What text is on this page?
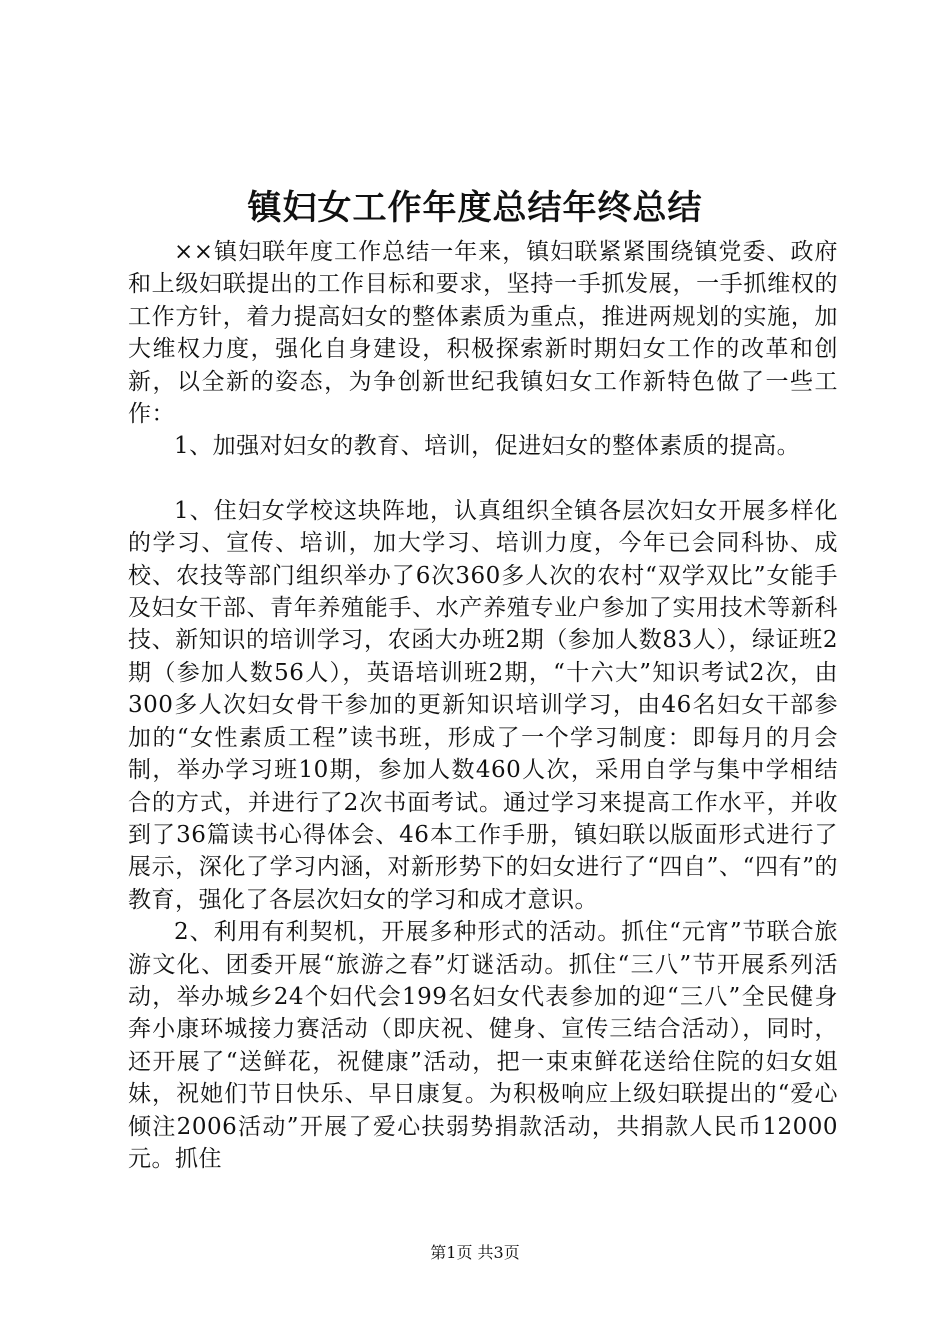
镇妇女工作年度总结年终总结

××镇妇联年度工作总结一年来，镇妇联紧紧围绕镇党委、政府和上级妇联提出的工作目标和要求，坚持一手抓发展，一手抓维权的工作方针，着力提高妇女的整体素质为重点，推进两规划的实施，加大维权力度，强化自身建设，积极探索新时期妇女工作的改革和创新，以全新的姿态，为争创新世纪我镇妇女工作新特色做了一些工作：

1、加强对妇女的教育、培训，促进妇女的整体素质的提高。

1、住妇女学校这块阵地，认真组织全镇各层次妇女开展多样化的学习、宣传、培训，加大学习、培训力度，今年已会同科协、成校、农技等部门组织举办了6次360多人次的农村“双学双比”女能手及妇女干部、青年养殖能手、水产养殖专业户参加了实用技术等新科技、新知识的培训学习，农函大办班2期（参加人数83人），绿证班2期（参加人数56人），英语培训班2期，“十六大”知识考试2次，由300多人次妇女骨干参加的更新知识培训学习，由46名妇女干部参加的“女性素质工程”读书班，形成了一个学习制度：即每月的月会制，举办学习班10期，参加人数460人次，采用自学与集中学相结合的方式，并进行了2次书面考试。通过学习来提高工作水平，并收到了36篇读书心得体会、46本工作手册，镇妇联以版面形式进行了展示，深化了学习内涵，对新形势下的妇女进行了“四自”、“四有”的教育，强化了各层次妇女的学习和成才意识。

2、利用有利契机，开展多种形式的活动。抓住“元宵”节联合旅游文化、团委开展“旅游之春”灯谜活动。抓住“三八”节开展系列活动，举办城乡24个妇代会199名妇女代表参加的迎“三八”全民健身奔小康环城接力赛活动（即庆祝、健身、宣传三结合活动），同时，还开展了“送鲜花，祝健康”活动，把一束束鲜花送给住院的妇女姐妹，祝她们节日快乐、早日康复。为积极响应上级妇联提出的“爱心倾注2006活动”开展了爱心扶弱势捐款活动，共捐款人民币12000元。抓住

第1页 共3页
